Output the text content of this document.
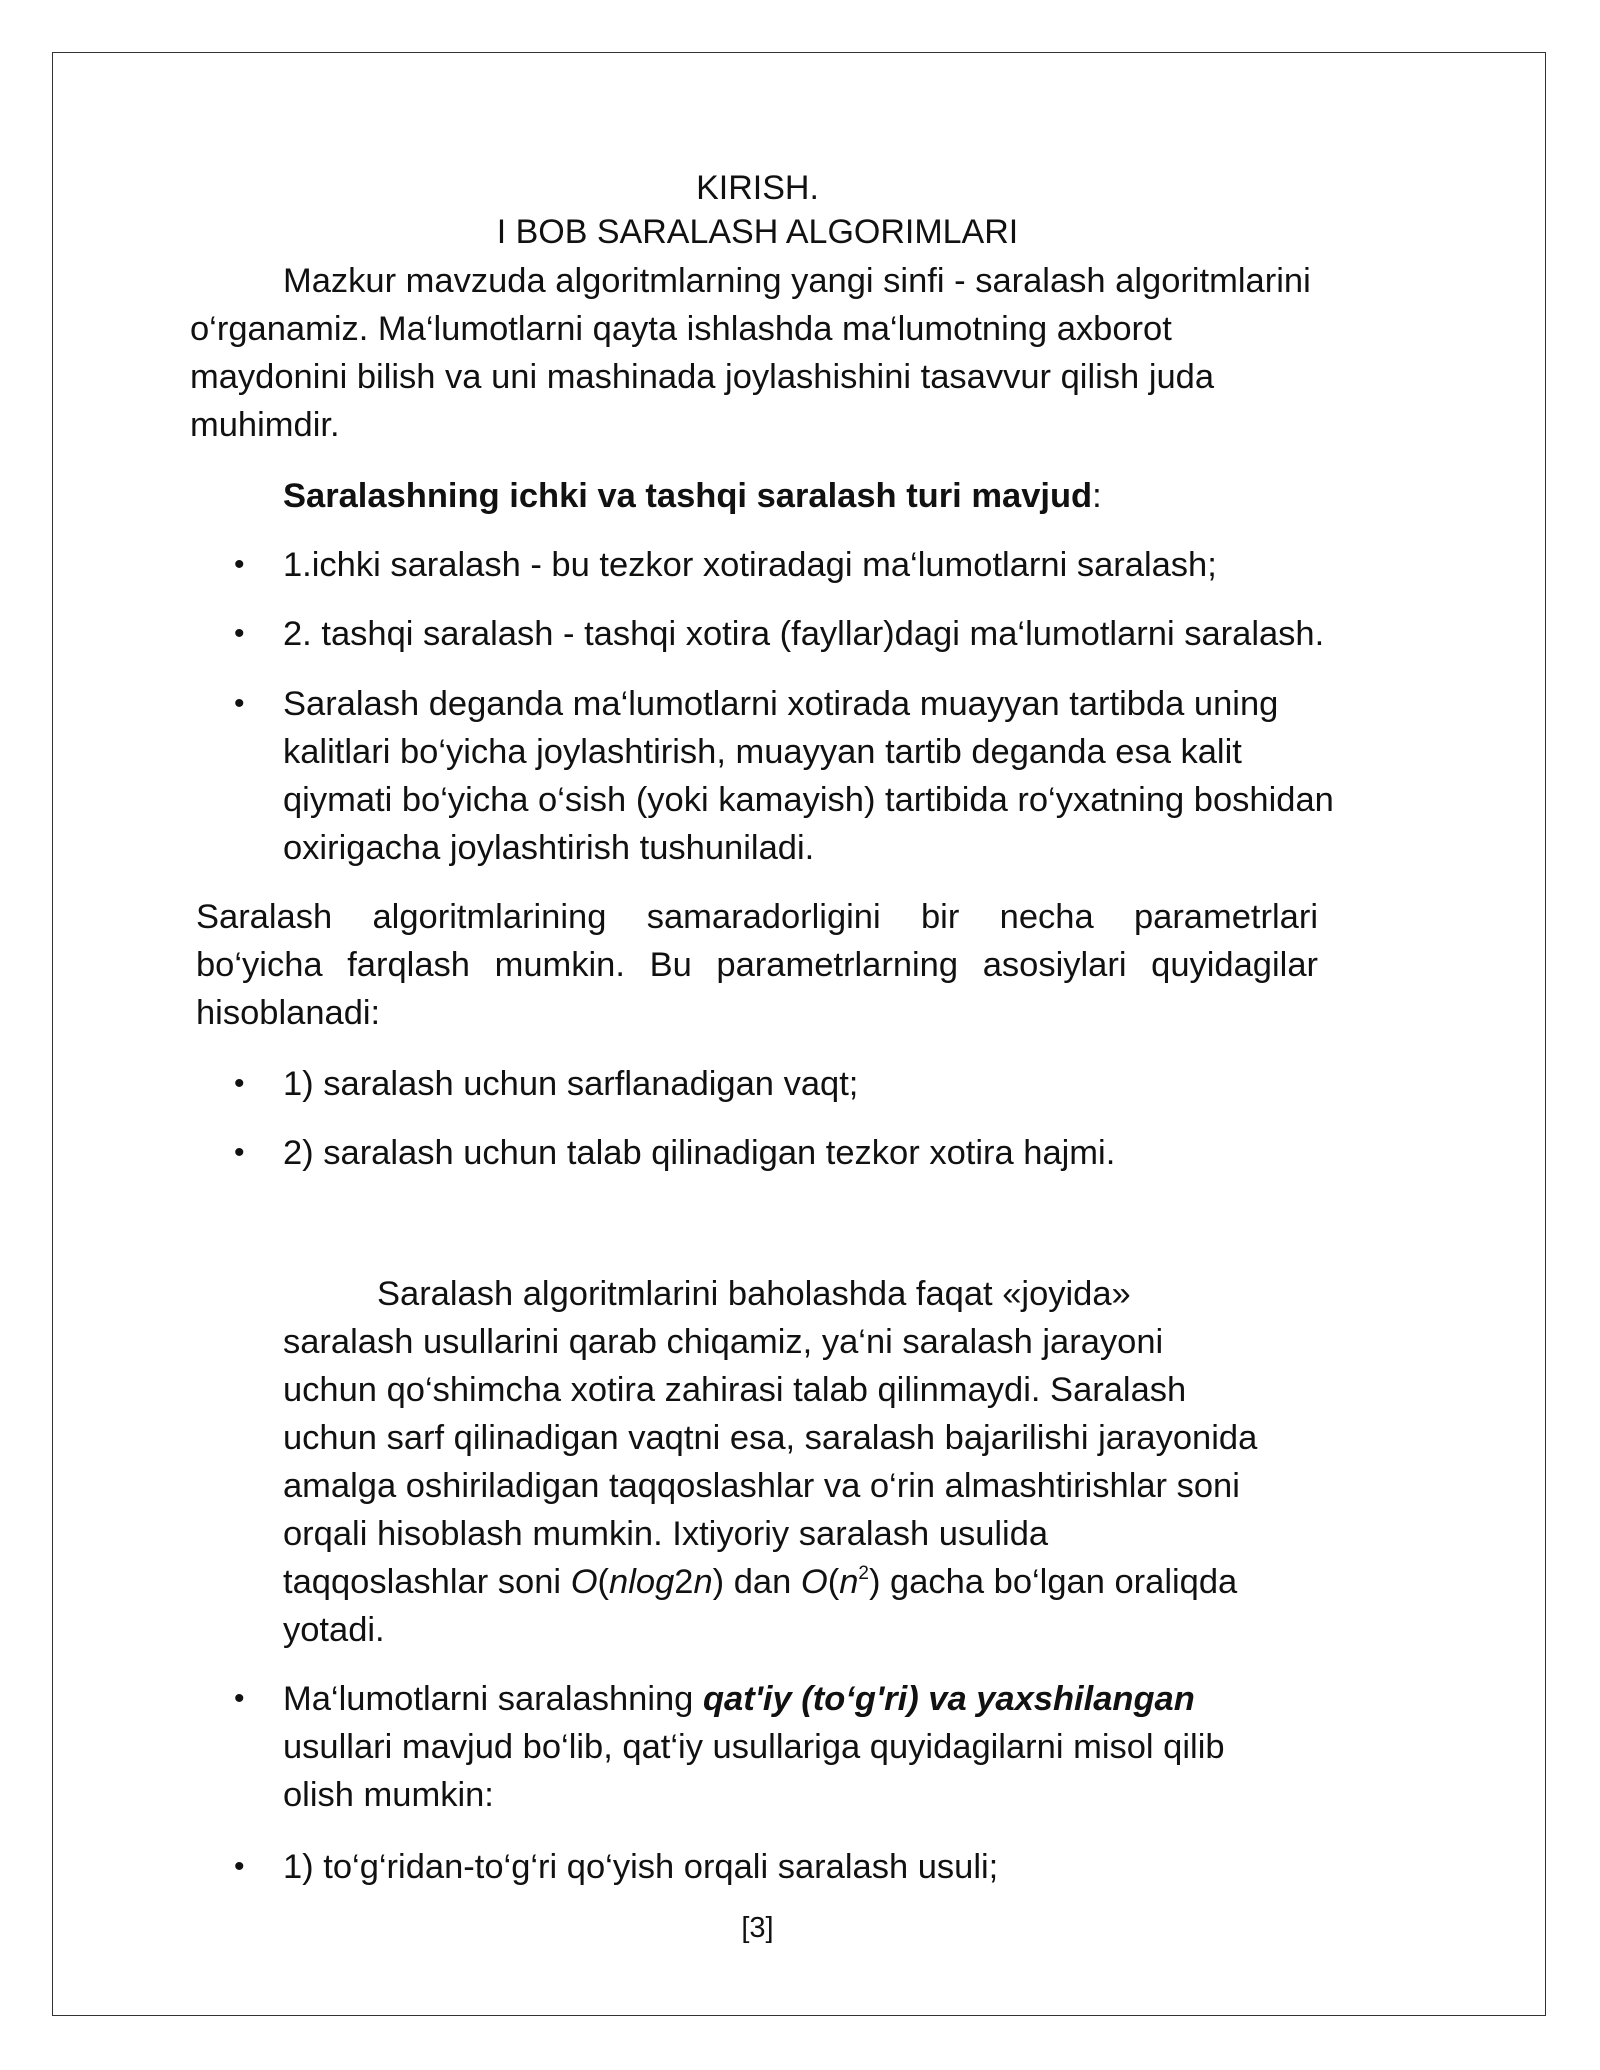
KIRISH.
I BOB SARALASH ALGORIMLARI
Mazkur mavzuda algoritmlarning yangi sinfi - saralash algoritmlarini
o‘rganamiz. Ma‘lumotlarni qayta ishlashda ma‘lumotning axborot
maydonini bilish va uni mashinada joylashishini tasavvur qilish juda
muhimdir.
Saralashning ichki va tashqi saralash turi mavjud:
• 1.ichki saralash - bu tezkor xotiradagi ma‘lumotlarni saralash;
• 2. tashqi saralash - tashqi xotira (fayllar)dagi ma‘lumotlarni saralash.
• Saralash deganda ma‘lumotlarni xotirada muayyan tartibda uning
kalitlari bo‘yicha joylashtirish, muayyan tartib deganda esa kalit
qiymati bo‘yicha o‘sish (yoki kamayish) tartibida ro‘yxatning boshidan
oxirigacha joylashtirish tushuniladi.
Saralash algoritmlarining samaradorligini bir necha parametrlari
bo‘yicha farqlash mumkin. Bu parametrlarning asosiylari quyidagilar
hisoblanadi:
• 1) saralash uchun sarflanadigan vaqt;
• 2) saralash uchun talab qilinadigan tezkor xotira hajmi.
Saralash algoritmlarini baholashda faqat «joyida»
saralash usullarini qarab chiqamiz, ya‘ni saralash jarayoni
uchun qo‘shimcha xotira zahirasi talab qilinmaydi. Saralash
uchun sarf qilinadigan vaqtni esa, saralash bajarilishi jarayonida
amalga oshiriladigan taqqoslashlar va o‘rin almashtirishlar soni
orqali hisoblash mumkin. Ixtiyoriy saralash usulida
taqqoslashlar soni O(nlog2n) dan $O(n^2)$ gacha bo‘lgan oraliqda
yotadi.
• Ma‘lumotlarni saralashning qat'iy (to‘g'ri) va yaxshilangan
usullari mavjud bo‘lib, qat‘iy usullariga quyidagilarni misol qilib
olish mumkin:
• 1) to‘g‘ridan-to‘g‘ri qo‘yish orqali saralash usuli;
[3]
